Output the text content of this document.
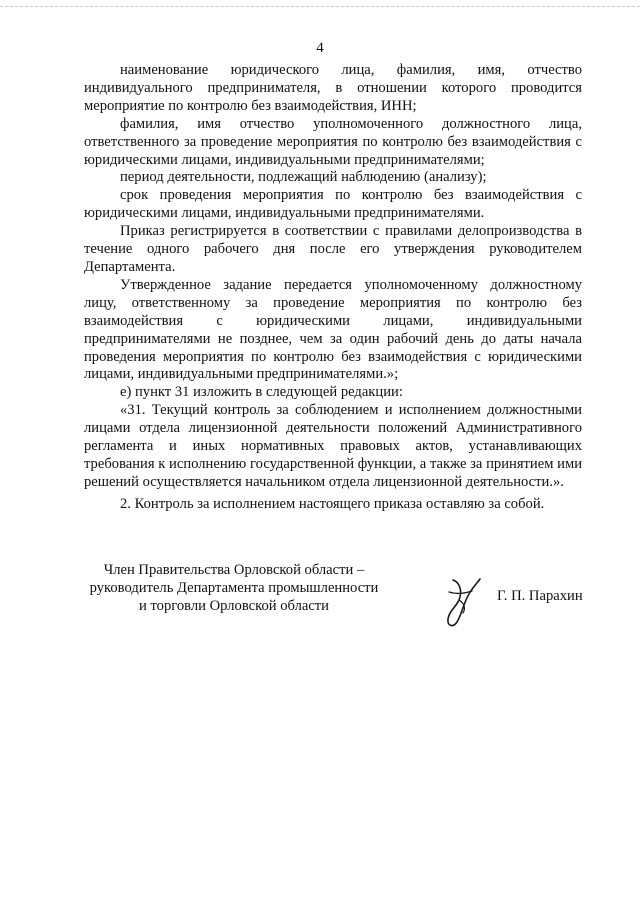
4

наименование юридического лица, фамилия, имя, отчество индивидуального предпринимателя, в отношении которого проводится мероприятие по контролю без взаимодействия, ИНН;

фамилия, имя отчество уполномоченного должностного лица, ответственного за проведение мероприятия по контролю без взаимодействия с юридическими лицами, индивидуальными предпринимателями;

период деятельности, подлежащий наблюдению (анализу);

срок проведения мероприятия по контролю без взаимодействия с юридическими лицами, индивидуальными предпринимателями.

Приказ регистрируется в соответствии с правилами делопроизводства в течение одного рабочего дня после его утверждения руководителем Департамента.

Утвержденное задание передается уполномоченному должностному лицу, ответственному за проведение мероприятия по контролю без взаимодействия с юридическими лицами, индивидуальными предпринимателями не позднее, чем за один рабочий день до даты начала проведения мероприятия по контролю без взаимодействия с юридическими лицами, индивидуальными предпринимателями.»;

е) пункт 31 изложить в следующей редакции:

«31. Текущий контроль за соблюдением и исполнением должностными лицами отдела лицензионной деятельности положений Административного регламента и иных нормативных правовых актов, устанавливающих требования к исполнению государственной функции, а также за принятием ими решений осуществляется начальником отдела лицензионной деятельности.».

2. Контроль за исполнением настоящего приказа оставляю за собой.

Член Правительства Орловской области –
руководитель Департамента промышленности
и торговли Орловской области
Г. П. Парахин
